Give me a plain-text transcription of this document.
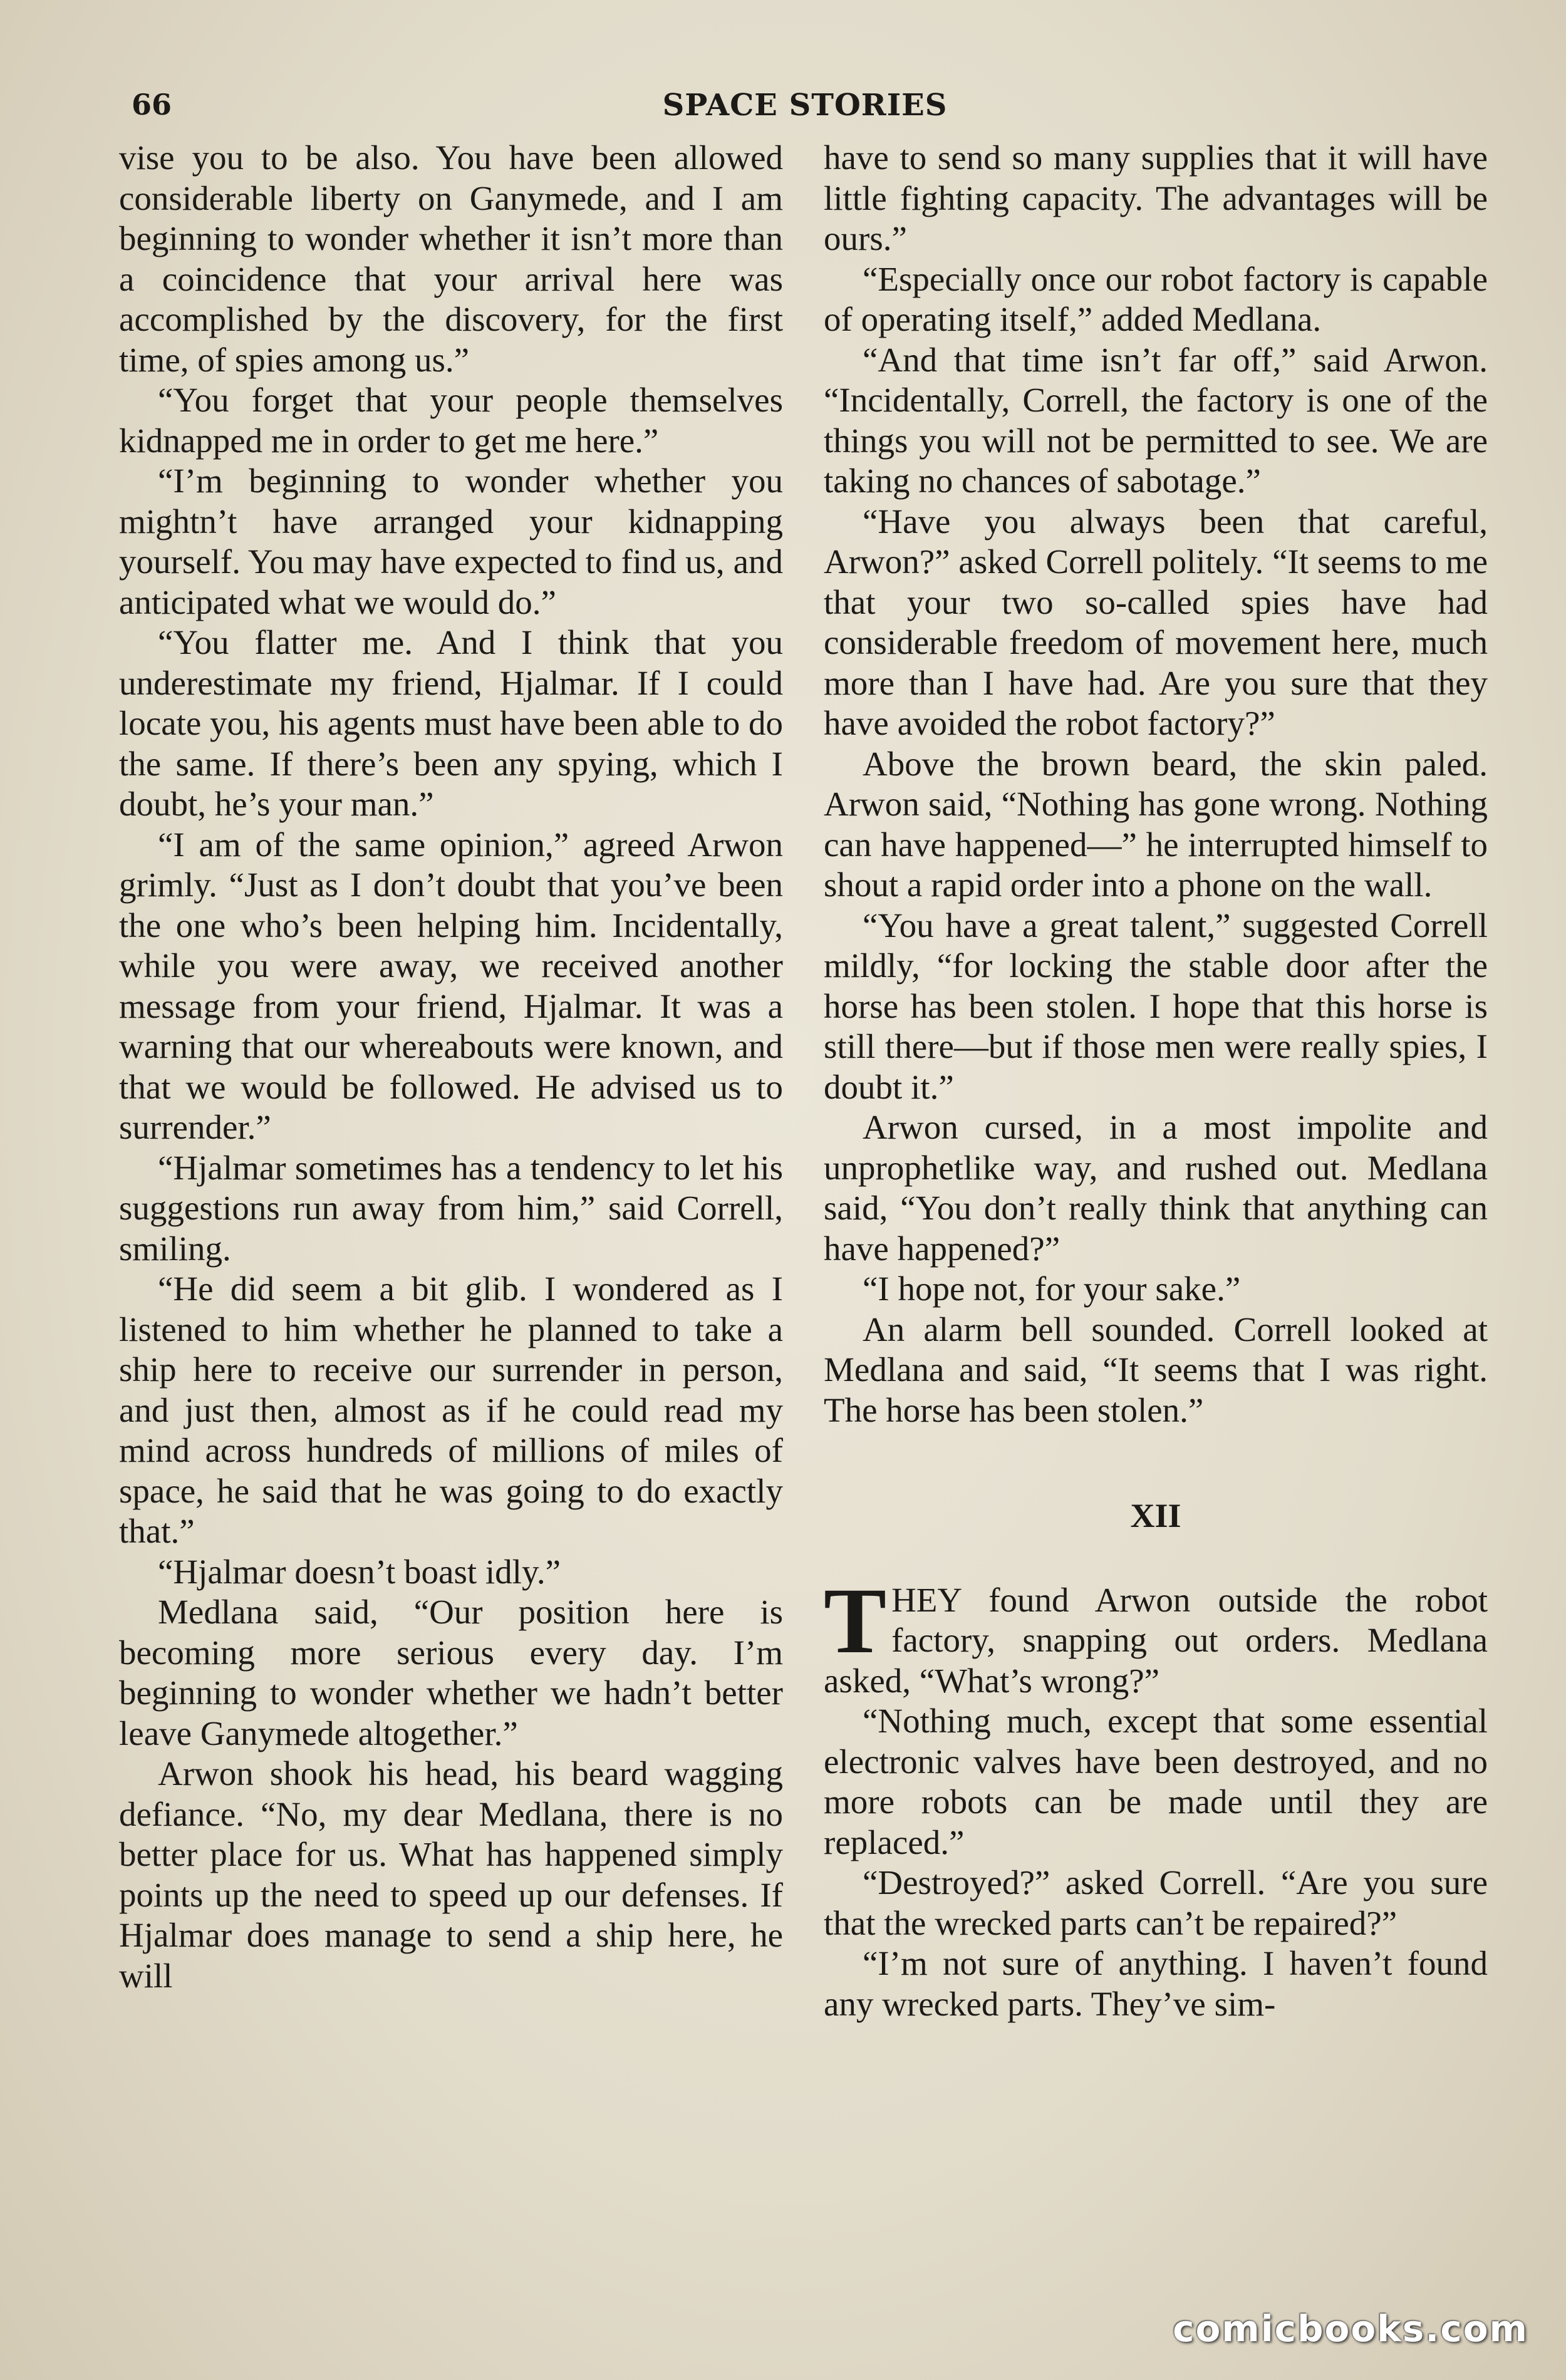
66	SPACE STORIES

vise you to be also. You have been allowed considerable liberty on Ganymede, and I am beginning to wonder whether it isn’t more than a coincidence that your arrival here was accomplished by the discovery, for the first time, of spies among us.”

“You forget that your people themselves kidnapped me in order to get me here.”

“I’m beginning to wonder whether you mightn’t have arranged your kidnapping yourself. You may have expected to find us, and anticipated what we would do.”

“You flatter me. And I think that you underestimate my friend, Hjalmar. If I could locate you, his agents must have been able to do the same. If there’s been any spying, which I doubt, he’s your man.”

“I am of the same opinion,” agreed Arwon grimly. “Just as I don’t doubt that you’ve been the one who’s been helping him. Incidentally, while you were away, we received another message from your friend, Hjalmar. It was a warning that our whereabouts were known, and that we would be followed. He advised us to surrender.”

“Hjalmar sometimes has a tendency to let his suggestions run away from him,” said Correll, smiling.

“He did seem a bit glib. I wondered as I listened to him whether he planned to take a ship here to receive our surrender in person, and just then, almost as if he could read my mind across hundreds of millions of miles of space, he said that he was going to do exactly that.”

“Hjalmar doesn’t boast idly.”

Medlana said, “Our position here is becoming more serious every day. I’m beginning to wonder whether we hadn’t better leave Ganymede altogether.”

Arwon shook his head, his beard wagging defiance. “No, my dear Medlana, there is no better place for us. What has happened simply points up the need to speed up our defenses. If Hjalmar does manage to send a ship here, he will

have to send so many supplies that it will have little fighting capacity. The advantages will be ours.”

“Especially once our robot factory is capable of operating itself,” added Medlana.

“And that time isn’t far off,” said Arwon. “Incidentally, Correll, the factory is one of the things you will not be permitted to see. We are taking no chances of sabotage.”

“Have you always been that careful, Arwon?” asked Correll politely. “It seems to me that your two so-called spies have had considerable freedom of movement here, much more than I have had. Are you sure that they have avoided the robot factory?”

Above the brown beard, the skin paled. Arwon said, “Nothing has gone wrong. Nothing can have happened—” he interrupted himself to shout a rapid order into a phone on the wall.

“You have a great talent,” suggested Correll mildly, “for locking the stable door after the horse has been stolen. I hope that this horse is still there—but if those men were really spies, I doubt it.”

Arwon cursed, in a most impolite and unprophetlike way, and rushed out. Medlana said, “You don’t really think that anything can have happened?”

“I hope not, for your sake.”

An alarm bell sounded. Correll looked at Medlana and said, “It seems that I was right. The horse has been stolen.”

XII

THEY found Arwon outside the robot factory, snapping out orders. Medlana asked, “What’s wrong?”

“Nothing much, except that some essential electronic valves have been destroyed, and no more robots can be made until they are replaced.”

“Destroyed?” asked Correll. “Are you sure that the wrecked parts can’t be repaired?”

“I’m not sure of anything. I haven’t found any wrecked parts. They’ve sim-

comicbooks.com
